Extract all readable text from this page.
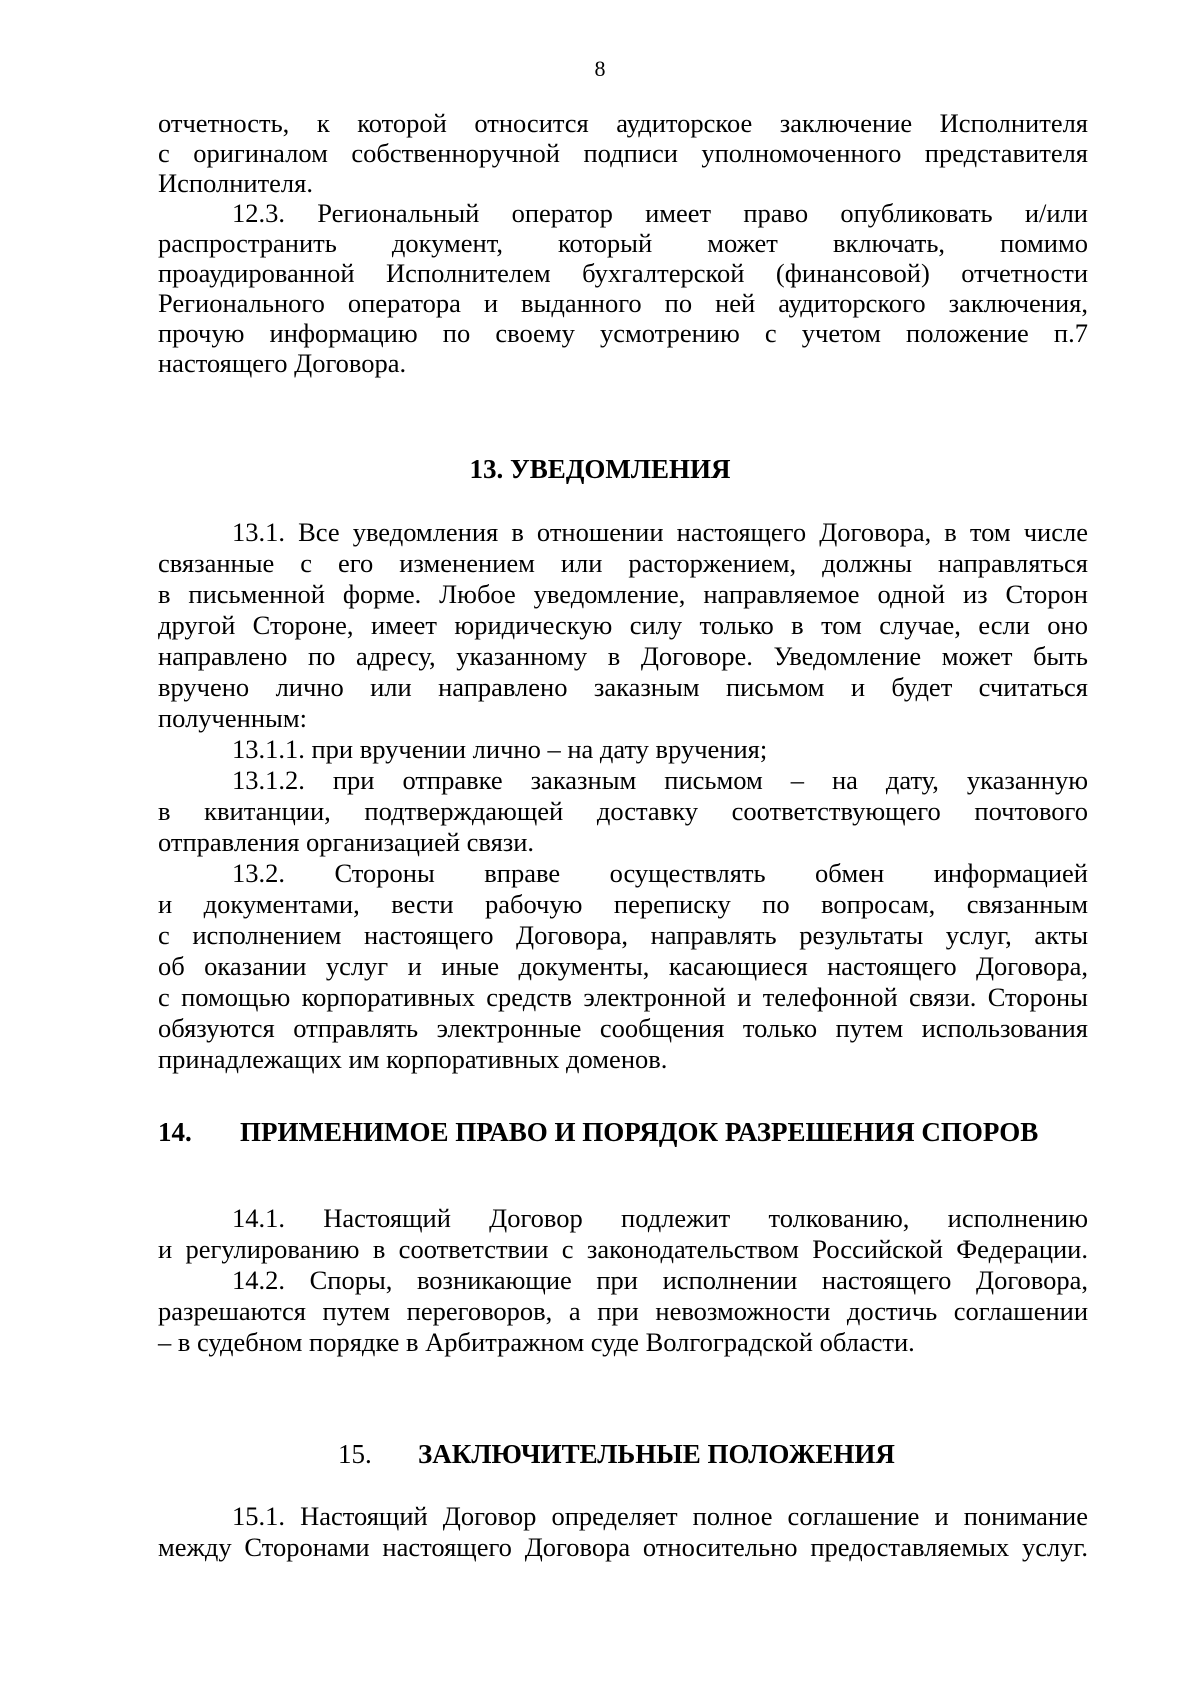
8
отчетность, к которой относится аудиторское заключение Исполнителя
с оригиналом собственноручной подписи уполномоченного представителя
Исполнителя.
12.3. Региональный оператор имеет право опубликовать и/или
распространить документ, который может включать, помимо
проаудированной Исполнителем бухгалтерской (финансовой) отчетности
Регионального оператора и выданного по ней аудиторского заключения,
прочую информацию по своему усмотрению с учетом положение п.7
настоящего Договора.
13. УВЕДОМЛЕНИЯ
13.1. Все уведомления в отношении настоящего Договора, в том числе
связанные с его изменением или расторжением, должны направляться
в письменной форме. Любое уведомление, направляемое одной из Сторон
другой Стороне, имеет юридическую силу только в том случае, если оно
направлено по адресу, указанному в Договоре. Уведомление может быть
вручено лично или направлено заказным письмом и будет считаться
полученным:
13.1.1. при вручении лично – на дату вручения;
13.1.2. при отправке заказным письмом – на дату, указанную
в квитанции, подтверждающей доставку соответствующего почтового
отправления организацией связи.
13.2. Стороны вправе осуществлять обмен информацией
и документами, вести рабочую переписку по вопросам, связанным
с исполнением настоящего Договора, направлять результаты услуг, акты
об оказании услуг и иные документы, касающиеся настоящего Договора,
с помощью корпоративных средств электронной и телефонной связи. Стороны
обязуются отправлять электронные сообщения только путем использования
принадлежащих им корпоративных доменов.
14. ПРИМЕНИМОЕ ПРАВО И ПОРЯДОК РАЗРЕШЕНИЯ СПОРОВ
14.1. Настоящий Договор подлежит толкованию, исполнению
и регулированию в соответствии с законодательством Российской Федерации.
14.2. Споры, возникающие при исполнении настоящего Договора,
разрешаются путем переговоров, а при невозможности достичь соглашении
– в судебном порядке в Арбитражном суде Волгоградской области.
15. ЗАКЛЮЧИТЕЛЬНЫЕ ПОЛОЖЕНИЯ
15.1. Настоящий Договор определяет полное соглашение и понимание
между Сторонами настоящего Договора относительно предоставляемых услуг.
